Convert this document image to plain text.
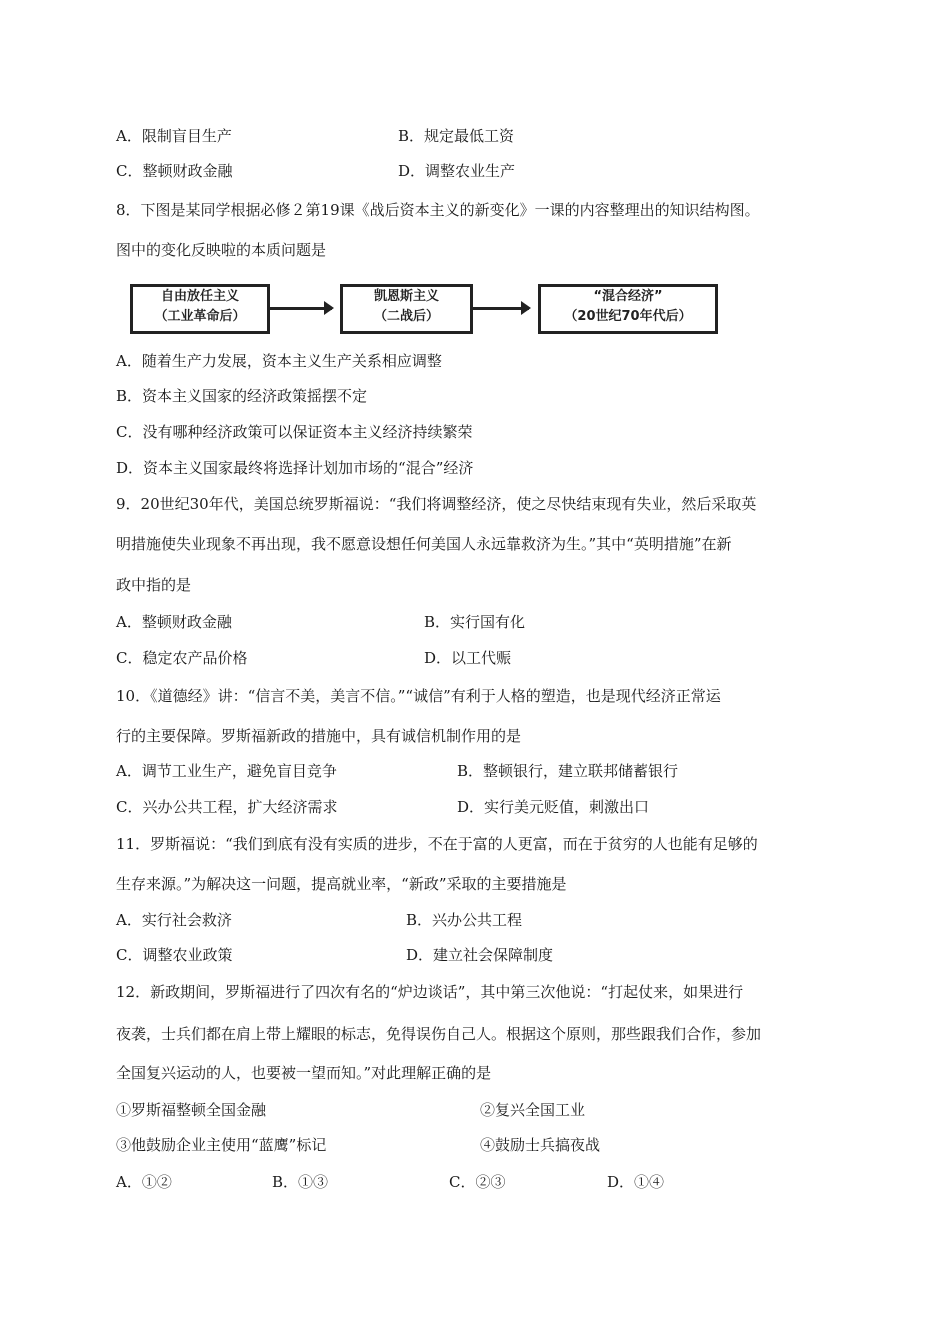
A．限制盲目生产	B．规定最低工资
C．整顿财政金融	D．调整农业生产
8．下图是某同学根据必修２第19课《战后资本主义的新变化》一课的内容整理出的知识结构图。
图中的变化反映啦的本质问题是
自由放任主义
（工业革命后）
凯恩斯主义
（二战后）
“混合经济”
（20世纪70年代后）
A．随着生产力发展，资本主义生产关系相应调整
B．资本主义国家的经济政策摇摆不定
C．没有哪种经济政策可以保证资本主义经济持续繁荣
D．资本主义国家最终将选择计划加市场的“混合”经济
9．20世纪30年代，美国总统罗斯福说：“我们将调整经济，使之尽快结束现有失业，然后采取英
明措施使失业现象不再出现，我不愿意设想任何美国人永远靠救济为生。”其中“英明措施”在新
政中指的是
A．整顿财政金融	B．实行国有化
C．稳定农产品价格	D．以工代赈
10．《道德经》讲：“信言不美，美言不信。”“诚信”有利于人格的塑造，也是现代经济正常运
行的主要保障。罗斯福新政的措施中，具有诚信机制作用的是
A．调节工业生产，避免盲目竞争	B．整顿银行，建立联邦储蓄银行
C．兴办公共工程，扩大经济需求	D．实行美元贬值，刺激出口
11．罗斯福说：“我们到底有没有实质的进步，不在于富的人更富，而在于贫穷的人也能有足够的
生存来源。”为解决这一问题，提高就业率，“新政”采取的主要措施是
A．实行社会救济	B．兴办公共工程
C．调整农业政策	D．建立社会保障制度
12．新政期间，罗斯福进行了四次有名的“炉边谈话”，其中第三次他说：“打起仗来，如果进行
夜袭，士兵们都在肩上带上耀眼的标志，免得误伤自己人。根据这个原则，那些跟我们合作，参加
全国复兴运动的人，也要被一望而知。”对此理解正确的是
①罗斯福整顿全国金融	②复兴全国工业
③他鼓励企业主使用“蓝鹰”标记	④鼓励士兵搞夜战
A．①②	B．①③	C．②③	D．①④
